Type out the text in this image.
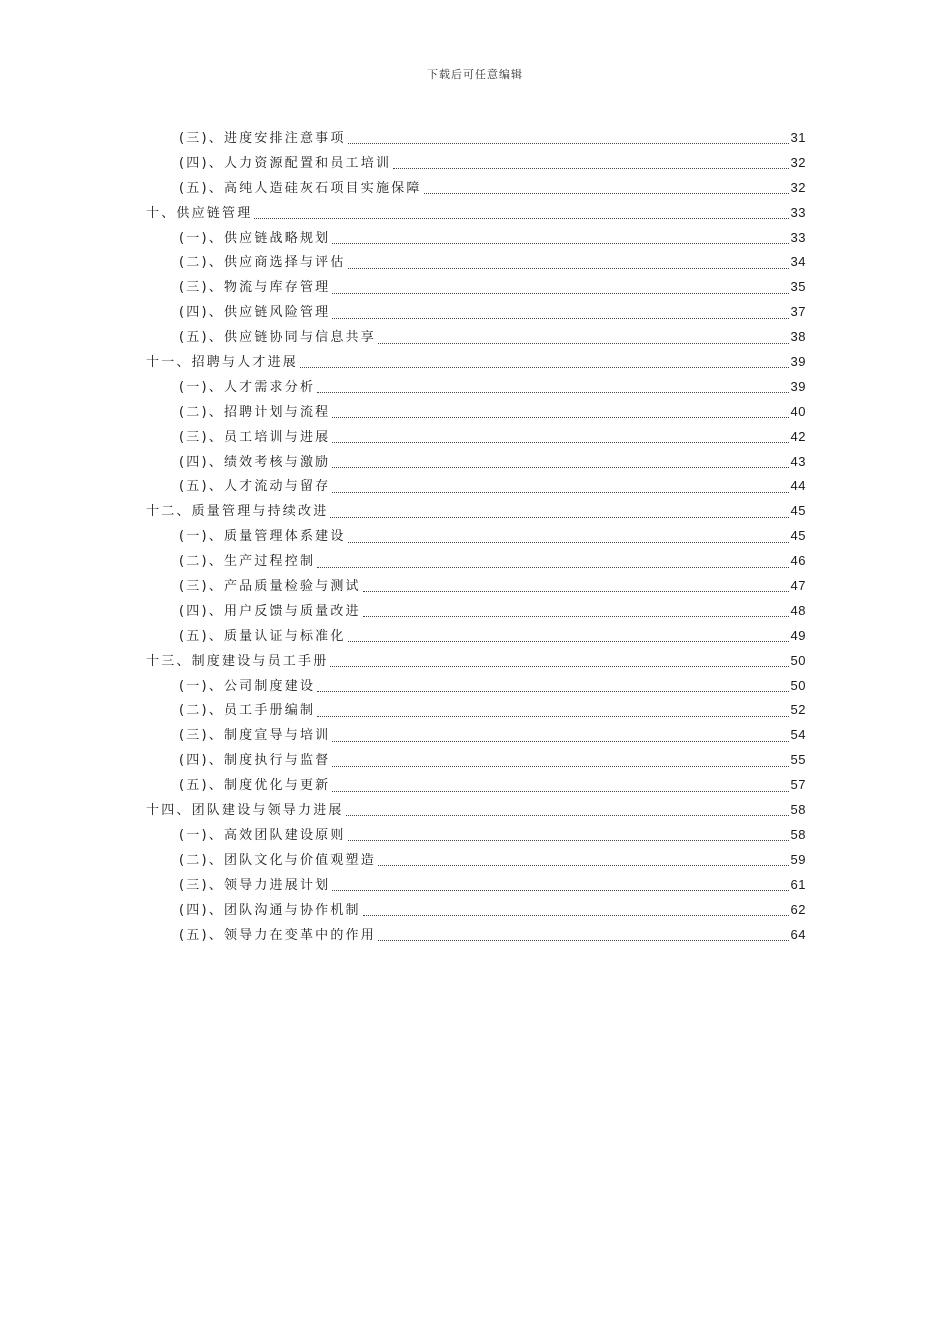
下载后可任意编辑
(三)、进度安排注意事项	31
(四)、人力资源配置和员工培训	32
(五)、高纯人造硅灰石项目实施保障	32
十、供应链管理	33
(一)、供应链战略规划	33
(二)、供应商选择与评估	34
(三)、物流与库存管理	35
(四)、供应链风险管理	37
(五)、供应链协同与信息共享	38
十一、招聘与人才进展	39
(一)、人才需求分析	39
(二)、招聘计划与流程	40
(三)、员工培训与进展	42
(四)、绩效考核与激励	43
(五)、人才流动与留存	44
十二、质量管理与持续改进	45
(一)、质量管理体系建设	45
(二)、生产过程控制	46
(三)、产品质量检验与测试	47
(四)、用户反馈与质量改进	48
(五)、质量认证与标准化	49
十三、制度建设与员工手册	50
(一)、公司制度建设	50
(二)、员工手册编制	52
(三)、制度宣导与培训	54
(四)、制度执行与监督	55
(五)、制度优化与更新	57
十四、团队建设与领导力进展	58
(一)、高效团队建设原则	58
(二)、团队文化与价值观塑造	59
(三)、领导力进展计划	61
(四)、团队沟通与协作机制	62
(五)、领导力在变革中的作用	64
